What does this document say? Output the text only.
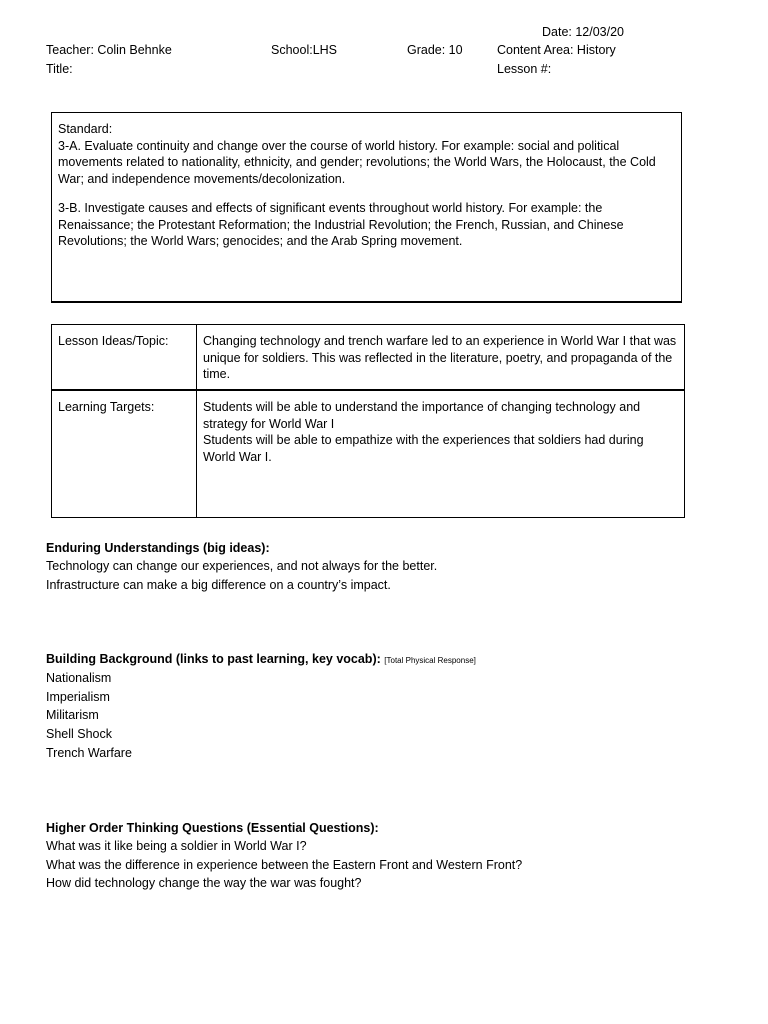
Date: 12/03/20
Teacher: Colin Behnke	School:LHS	Grade: 10	Content Area: History
Title:	Lesson #:

Standard:

3-A. Evaluate continuity and change over the course of world history. For example: social and political movements related to nationality, ethnicity, and gender; revolutions; the World Wars, the Holocaust, the Cold War; and independence movements/decolonization.

3-B. Investigate causes and effects of significant events throughout world history. For example: the Renaissance; the Protestant Reformation; the Industrial Revolution; the French, Russian, and Chinese Revolutions; the World Wars; genocides; and the Arab Spring movement.

Lesson Ideas/Topic:	Changing technology and trench warfare led to an experience in World War I that was unique for soldiers. This was reflected in the literature, poetry, and propaganda of the time.
Learning Targets:	Students will be able to understand the importance of changing technology and strategy for World War I
Students will be able to empathize with the experiences that soldiers had during World War I.
Enduring Understandings (big ideas):
Technology can change our experiences, and not always for the better.
Infrastructure can make a big difference on a country’s impact.
Building Background (links to past learning, key vocab): [Total Physical Response]
Nationalism
Imperialism
Militarism
Shell Shock
Trench Warfare
Higher Order Thinking Questions (Essential Questions):
What was it like being a soldier in World War I?
What was the difference in experience between the Eastern Front and Western Front?
How did technology change the way the war was fought?
